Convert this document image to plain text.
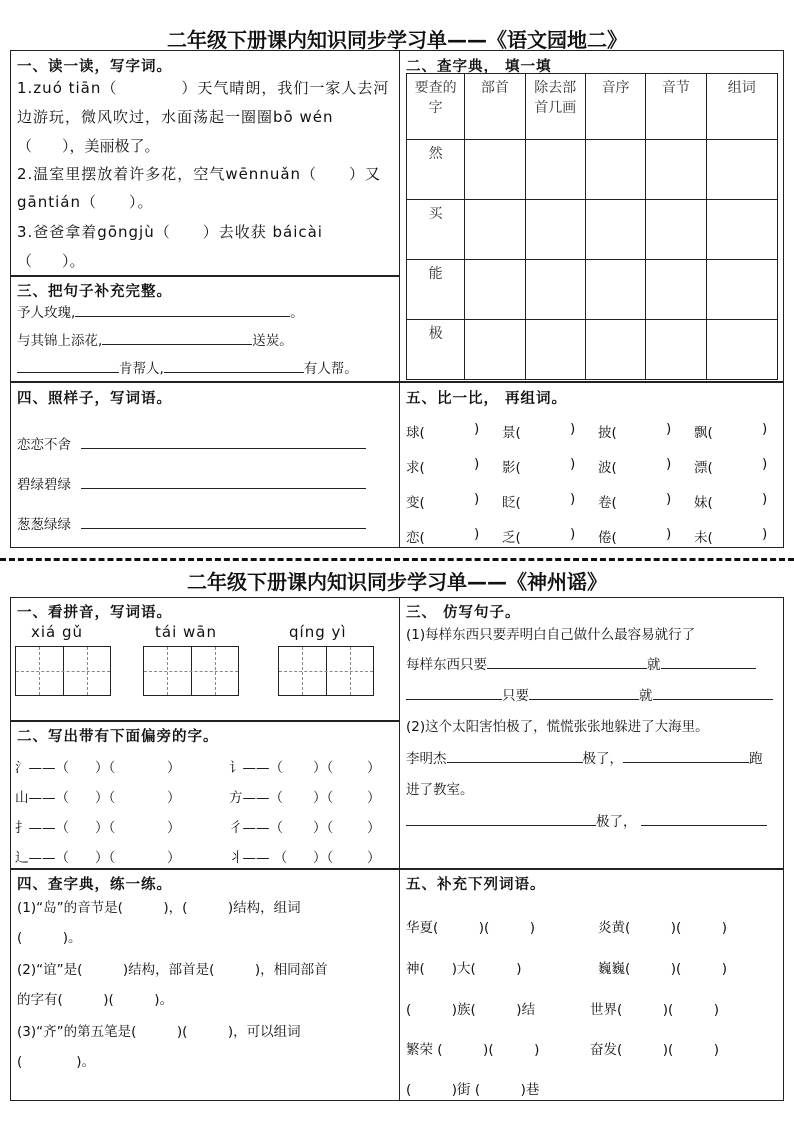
二年级下册课内知识同步学习单——《语文园地二》
一、读一读，写字词。
1.zuó tiān（　　　　）天气晴朗，我们一家人去河
边游玩，微风吹过，水面荡起一圈圈bō wén
（　　），美丽极了。
2.温室里摆放着许多花，空气wēnnuǎn（　　）又
gāntián（　　）。
3.爸爸拿着gōngjù（　　）去收获 báicài
（　　）。
三、把句子补充完整。
予人玫瑰,	。
与其锦上添花,	送炭。
肯帮人,	有人帮。
四、照样子，写词语。
恋恋不舍
碧绿碧绿
葱葱绿绿
二、查字典， 填一填
要查的字	部首	除去部首几画	音序	音节	组词
然					
买					
能					
极					
五、比一比， 再组词。
球(	) 景(	) 披(	) 飘(	)
求(	) 影(	) 波(	) 漂(	)
变(	) 眨(	) 卷(	) 妹(	)
恋(	) 乏(	) 倦(	) 未(	)
二年级下册课内知识同步学习单——《神州谣》
一、看拼音，写词语。
xiá gǔ	tái wān	qíng yì
二、写出带有下面偏旁的字。
氵——（ ）（	）	讠——（ ）（	）
山——（ ）（	）	方——（ ）（	）
扌——（ ）（	）	彳——（ ）（	）
辶——（ ）（	）	丬—— （ ）（	）
四、查字典，练一练。
(1)“岛”的音节是(　　　)，(　　　)结构，组词
(　　　)。
(2)“谊”是(　　　)结构，部首是(　　　)，相同部首
的字有(　　　)(　　　)。
(3)“齐”的第五笔是(　　　)(　　　)，可以组词
(　　　　)。
三、 仿写句子。
(1)每样东西只要弄明白自己做什么最容易就行了
每样东西只要	就
只要	就
(2)这个太阳害怕极了，慌慌张张地躲进了大海里。
李明杰	极了，	跑
进了教室。
极了，
五、补充下列词语。
华夏(　　　)(　　　)	炎黄(　　　)(　　　)
神(　　)大(　　　)	巍巍(　　　)(　　　)
(　　　)族(　　　)结	世界(　　　)(　　　)
繁荣 (　　　)(　　　)	奋发(　　　)(　　　)
(　　　)街 (　　　)巷
